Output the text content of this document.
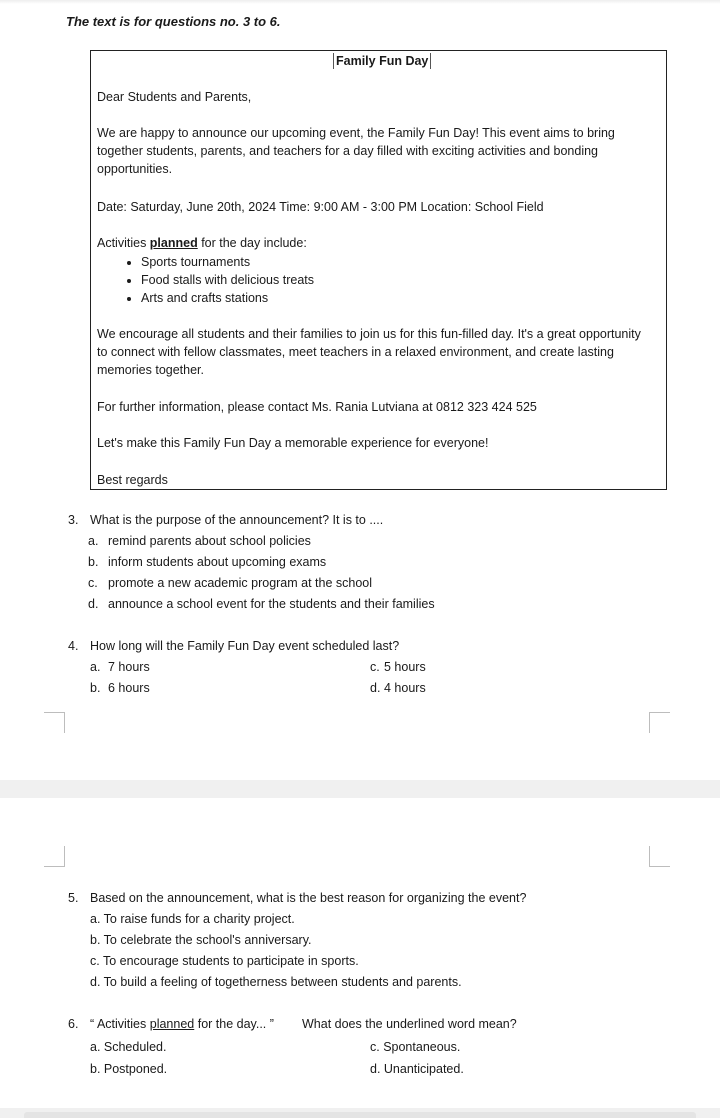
The text is for questions no. 3 to 6.
Family Fun Day

Dear Students and Parents,

We are happy to announce our upcoming event, the Family Fun Day! This event aims to bring together students, parents, and teachers for a day filled with exciting activities and bonding opportunities.

Date: Saturday, June 20th, 2024 Time: 9:00 AM - 3:00 PM Location: School Field

Activities planned for the day include:

• Sports tournaments
• Food stalls with delicious treats
• Arts and crafts stations

We encourage all students and their families to join us for this fun-filled day. It's a great opportunity to connect with fellow classmates, meet teachers in a relaxed environment, and create lasting memories together.

For further information, please contact Ms. Rania Lutviana at 0812 323 424 525

Let's make this Family Fun Day a memorable experience for everyone!

Best regards

3. What is the purpose of the announcement? It is to ....
a. remind parents about school policies
b. inform students about upcoming exams
c. promote a new academic program at the school
d. announce a school event for the students and their families
4. How long will the Family Fun Day event scheduled last?
a. 7 hours
b. 6 hours
c. 5 hours
d. 4 hours
5. Based on the announcement, what is the best reason for organizing the event?
a. To raise funds for a charity project.
b. To celebrate the school's anniversary.
c. To encourage students to participate in sports.
d. To build a feeling of togetherness between students and parents.
6. “ Activities planned for the day... ” What does the underlined word mean?
a. Scheduled.
b. Postponed.
c. Spontaneous.
d. Unanticipated.
